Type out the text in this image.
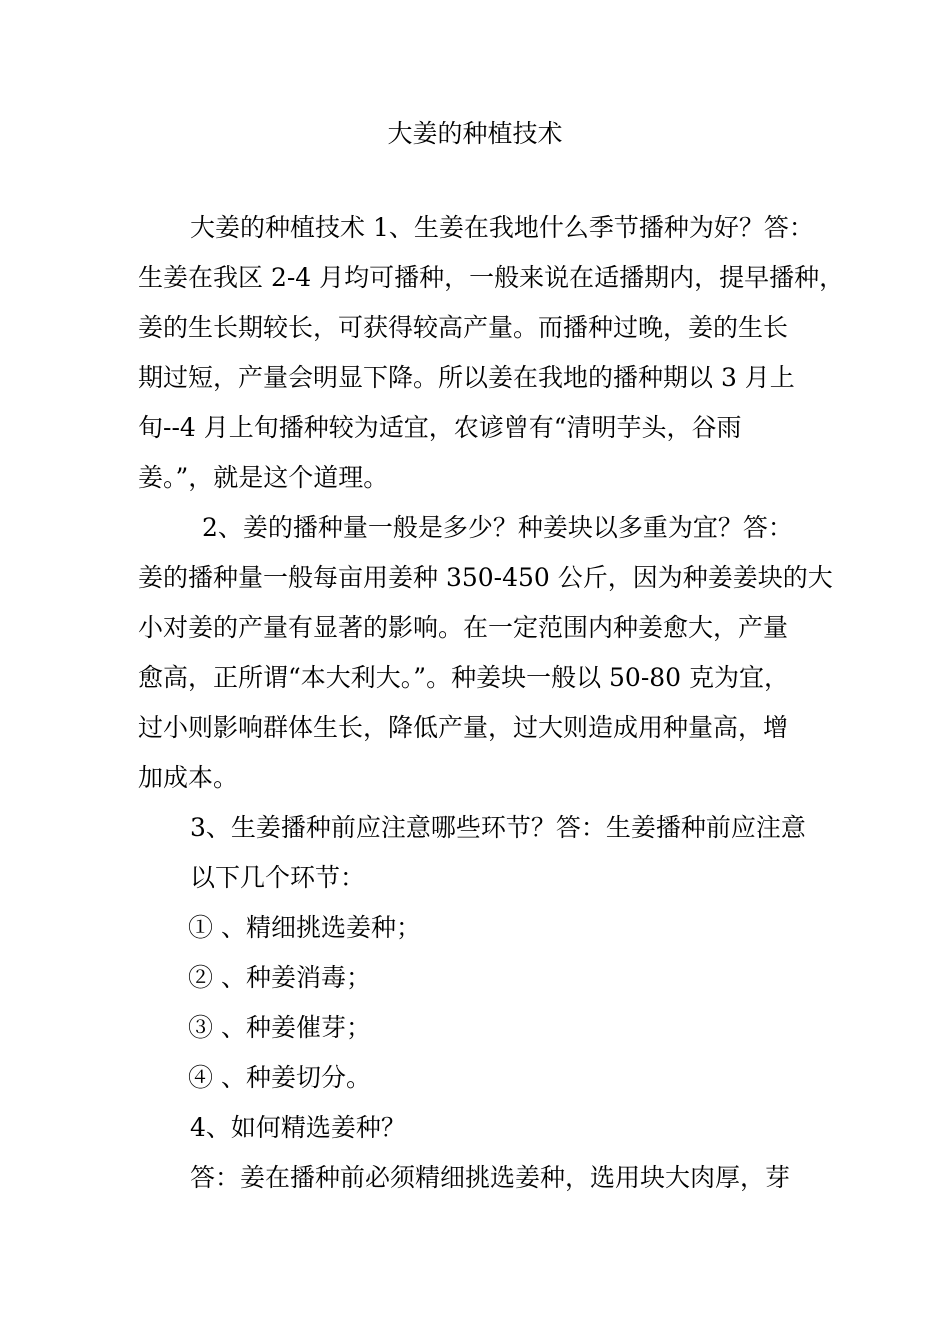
大姜的种植技术
大姜的种植技术 1、生姜在我地什么季节播种为好？答：
生姜在我区 2-4 月均可播种，一般来说在适播期内，提早播种，
姜的生长期较长，可获得较高产量。而播种过晚，姜的生长
期过短，产量会明显下降。所以姜在我地的播种期以 3 月上
旬--4 月上旬播种较为适宜，农谚曾有“清明芋头，谷雨
姜。”，就是这个道理。
2、姜的播种量一般是多少？种姜块以多重为宜？答：
姜的播种量一般每亩用姜种 350-450 公斤，因为种姜姜块的大
小对姜的产量有显著的影响。在一定范围内种姜愈大，产量
愈高，正所谓“本大利大。”。种姜块一般以 50-80 克为宜，
过小则影响群体生长，降低产量，过大则造成用种量高，增
加成本。
3、生姜播种前应注意哪些环节？答：生姜播种前应注意
以下几个环节：
① 、精细挑选姜种；
② 、种姜消毒；
③ 、种姜催芽；
④ 、种姜切分。
4、如何精选姜种？
答：姜在播种前必须精细挑选姜种，选用块大肉厚，芽
